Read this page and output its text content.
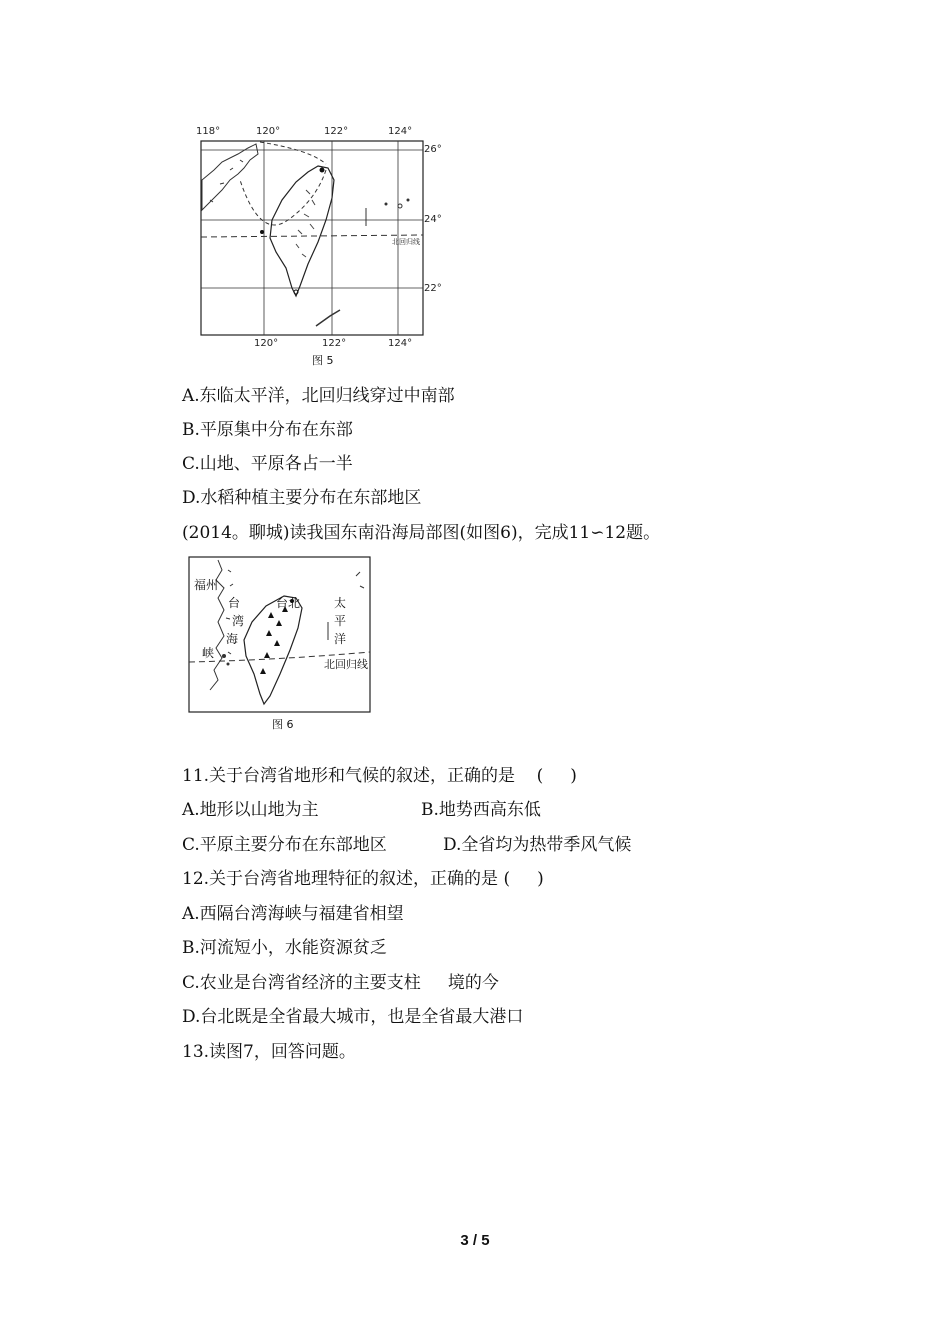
118°	120°	122°	124°
26°
24°
22°
北回归线
120°	122°	124°
图 5
A.东临太平洋，北回归线穿过中南部
B.平原集中分布在东部
C.山地、平原各占一半
D.水稻种植主要分布在东部地区
(2014。聊城)读我国东南沿海局部图(如图6)，完成11∽12题。
福州
台
湾
海
峡
台北	太
平
洋
北回归线
图 6
11.关于台湾省地形和气候的叙述，正确的是    (     )
A.地形以山地为主	B.地势西高东低
C.平原主要分布在东部地区	D.全省均为热带季风气候
12.关于台湾省地理特征的叙述，正确的是 (     )
A.西隔台湾海峡与福建省相望
B.河流短小，水能资源贫乏
C.农业是台湾省经济的主要支柱     境的今
D.台北既是全省最大城市，也是全省最大港口
13.读图7，回答问题。
3 / 5
